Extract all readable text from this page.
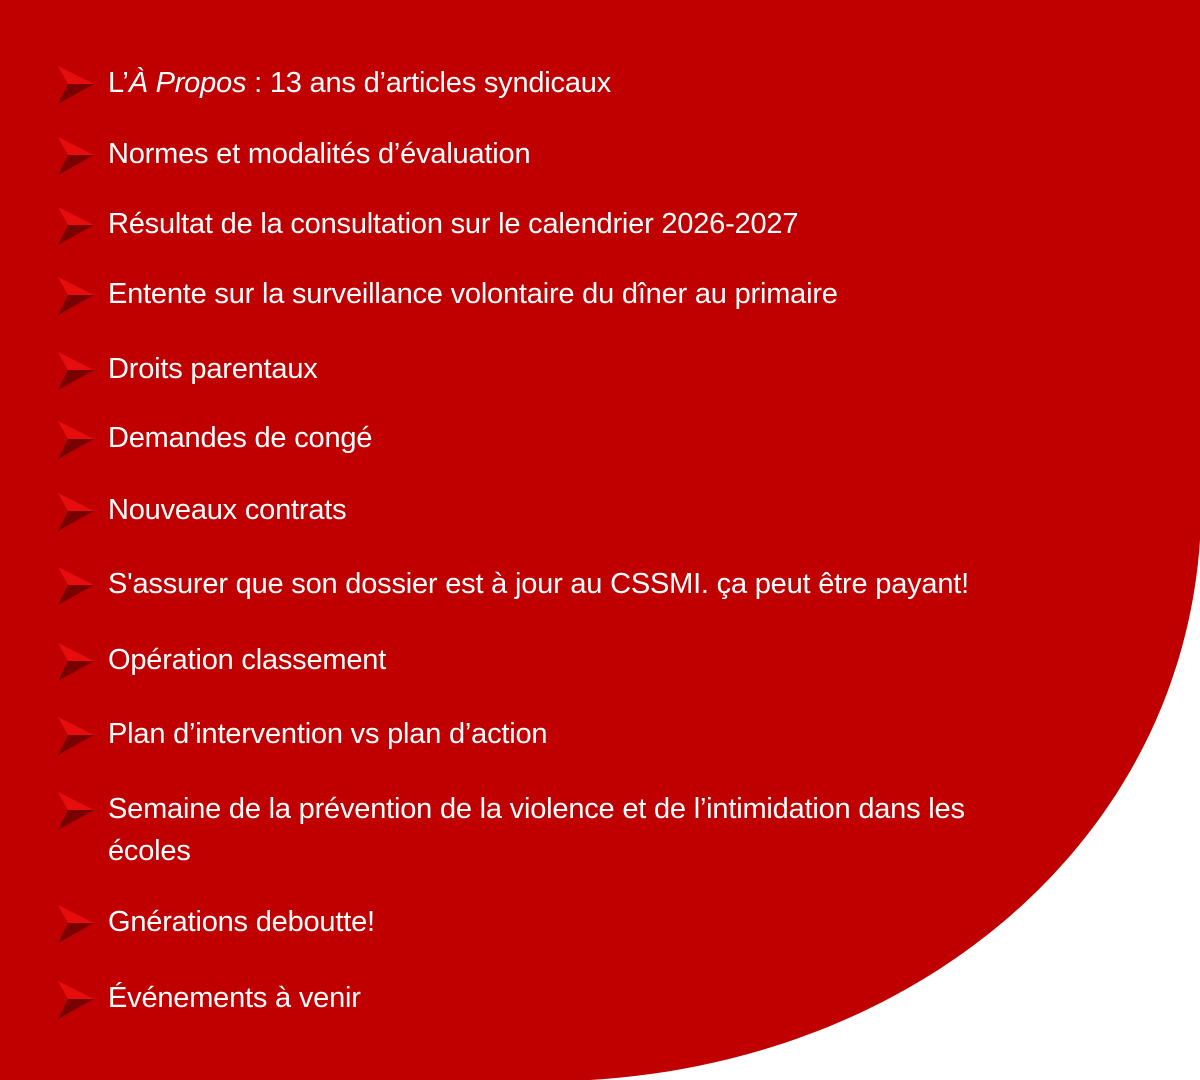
L’À Propos : 13 ans d’articles syndicaux
Normes et modalités d’évaluation
Résultat de la consultation sur le calendrier 2026-2027
Entente sur la surveillance volontaire du dîner au primaire
Droits parentaux
Demandes de congé
Nouveaux contrats
S'assurer que son dossier est à jour au CSSMI. ça peut être payant!
Opération classement
Plan d’intervention vs plan d’action
Semaine de la prévention de la violence et de l’intimidation dans les écoles
Gnérations deboutte!
Événements à venir
